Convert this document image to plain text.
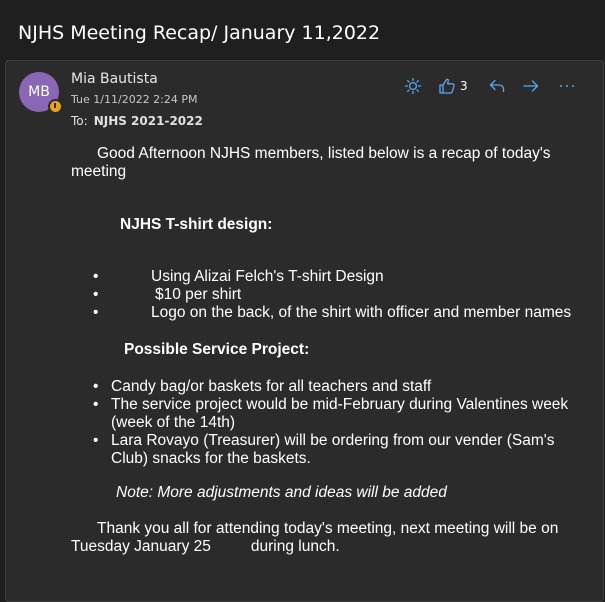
NJHS Meeting Recap/ January 11,2022
MB
Mia Bautista
Tue 1/11/2022 2:24 PM
To: NJHS 2021-2022
3

Good Afternoon NJHS members, listed below is a recap of today's meeting

NJHS T-shirt design:
• Using Alizai Felch's T-shirt Design
• $10 per shirt
• Logo on the back, of the shirt with officer and member names
Possible Service Project:
• Candy bag/or baskets for all teachers and staff
• The service project would be mid-February during Valentines week (week of the 14th)
• Lara Rovayo (Treasurer) will be ordering from our vender (Sam's Club) snacks for the baskets.
Note: More adjustments and ideas will be added

Thank you all for attending today's meeting, next meeting will be on Tuesday January 25	during lunch.
